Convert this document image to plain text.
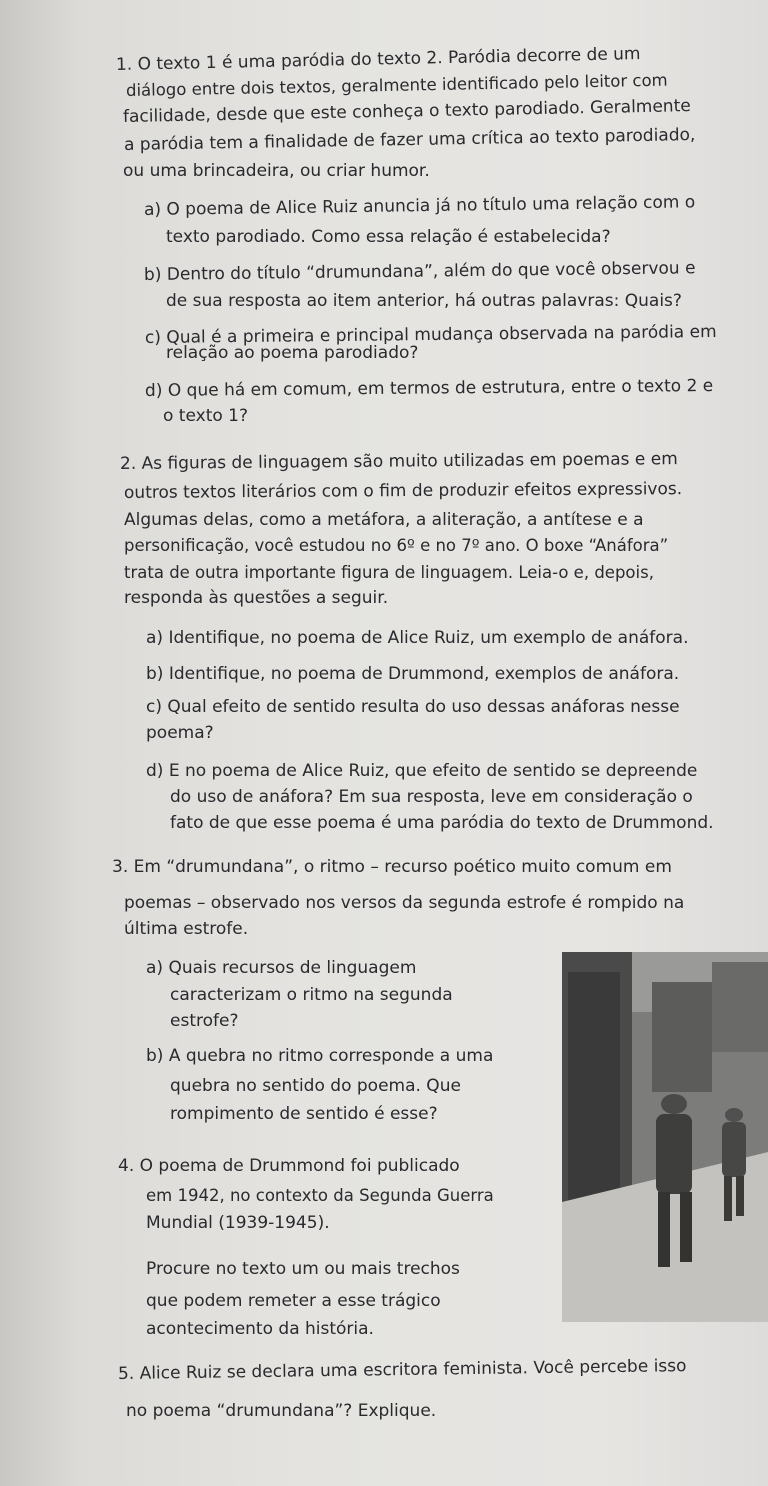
1. O texto 1 é uma paródia do texto 2. Paródia decorre de um
diálogo entre dois textos, geralmente identificado pelo leitor com
facilidade, desde que este conheça o texto parodiado. Geralmente
a paródia tem a finalidade de fazer uma crítica ao texto parodiado,
ou uma brincadeira, ou criar humor.
a) O poema de Alice Ruiz anuncia já no título uma relação com o
texto parodiado. Como essa relação é estabelecida?
b) Dentro do título “drumundana”, além do que você observou e
de sua resposta ao item anterior, há outras palavras: Quais?
c) Qual é a primeira e principal mudança observada na paródia em
relação ao poema parodiado?
d) O que há em comum, em termos de estrutura, entre o texto 2 e
o texto 1?
2. As figuras de linguagem são muito utilizadas em poemas e em
outros textos literários com o fim de produzir efeitos expressivos.
Algumas delas, como a metáfora, a aliteração, a antítese e a
personificação, você estudou no 6º e no 7º ano. O boxe “Anáfora”
trata de outra importante figura de linguagem. Leia-o e, depois,
responda às questões a seguir.
a) Identifique, no poema de Alice Ruiz, um exemplo de anáfora.
b) Identifique, no poema de Drummond, exemplos de anáfora.
c) Qual efeito de sentido resulta do uso dessas anáforas nesse
poema?
d) E no poema de Alice Ruiz, que efeito de sentido se depreende
do uso de anáfora? Em sua resposta, leve em consideração o
fato de que esse poema é uma paródia do texto de Drummond.
3. Em “drumundana”, o ritmo – recurso poético muito comum em
poemas – observado nos versos da segunda estrofe é rompido na
última estrofe.
a) Quais recursos de linguagem
caracterizam o ritmo na segunda
estrofe?
b) A quebra no ritmo corresponde a uma
quebra no sentido do poema. Que
rompimento de sentido é esse?
4. O poema de Drummond foi publicado
em 1942, no contexto da Segunda Guerra
Mundial (1939-1945).
Procure no texto um ou mais trechos
que podem remeter a esse trágico
acontecimento da história.
5. Alice Ruiz se declara uma escritora feminista. Você percebe isso
no poema “drumundana”? Explique.
